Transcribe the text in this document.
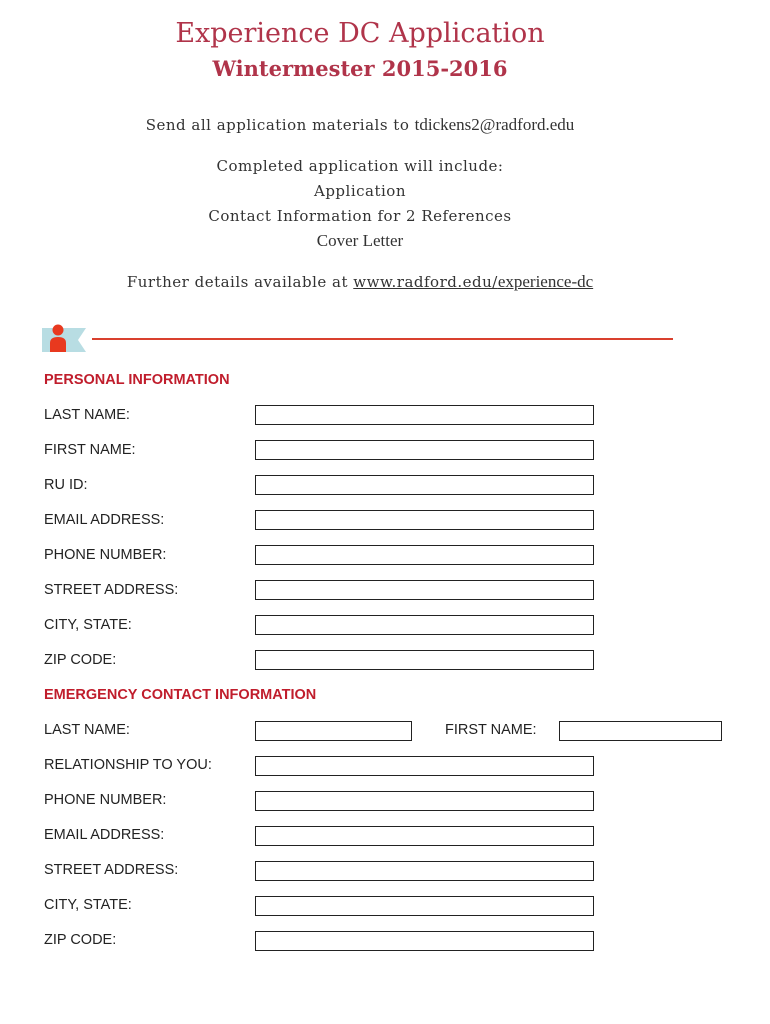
Experience DC Application
Wintermester 2015-2016
Send all application materials to tdickens2@radford.edu
Completed application will include:
Application
Contact Information for 2 References
Cover Letter
Further details available at www.radford.edu/experience-dc
PERSONAL INFORMATION
LAST NAME:
FIRST NAME:
RU ID:
EMAIL ADDRESS:
PHONE NUMBER:
STREET ADDRESS:
CITY, STATE:
ZIP CODE:
EMERGENCY CONTACT INFORMATION
LAST NAME:	FIRST NAME:
RELATIONSHIP TO YOU:
PHONE NUMBER:
EMAIL ADDRESS:
STREET ADDRESS:
CITY, STATE:
ZIP CODE:
